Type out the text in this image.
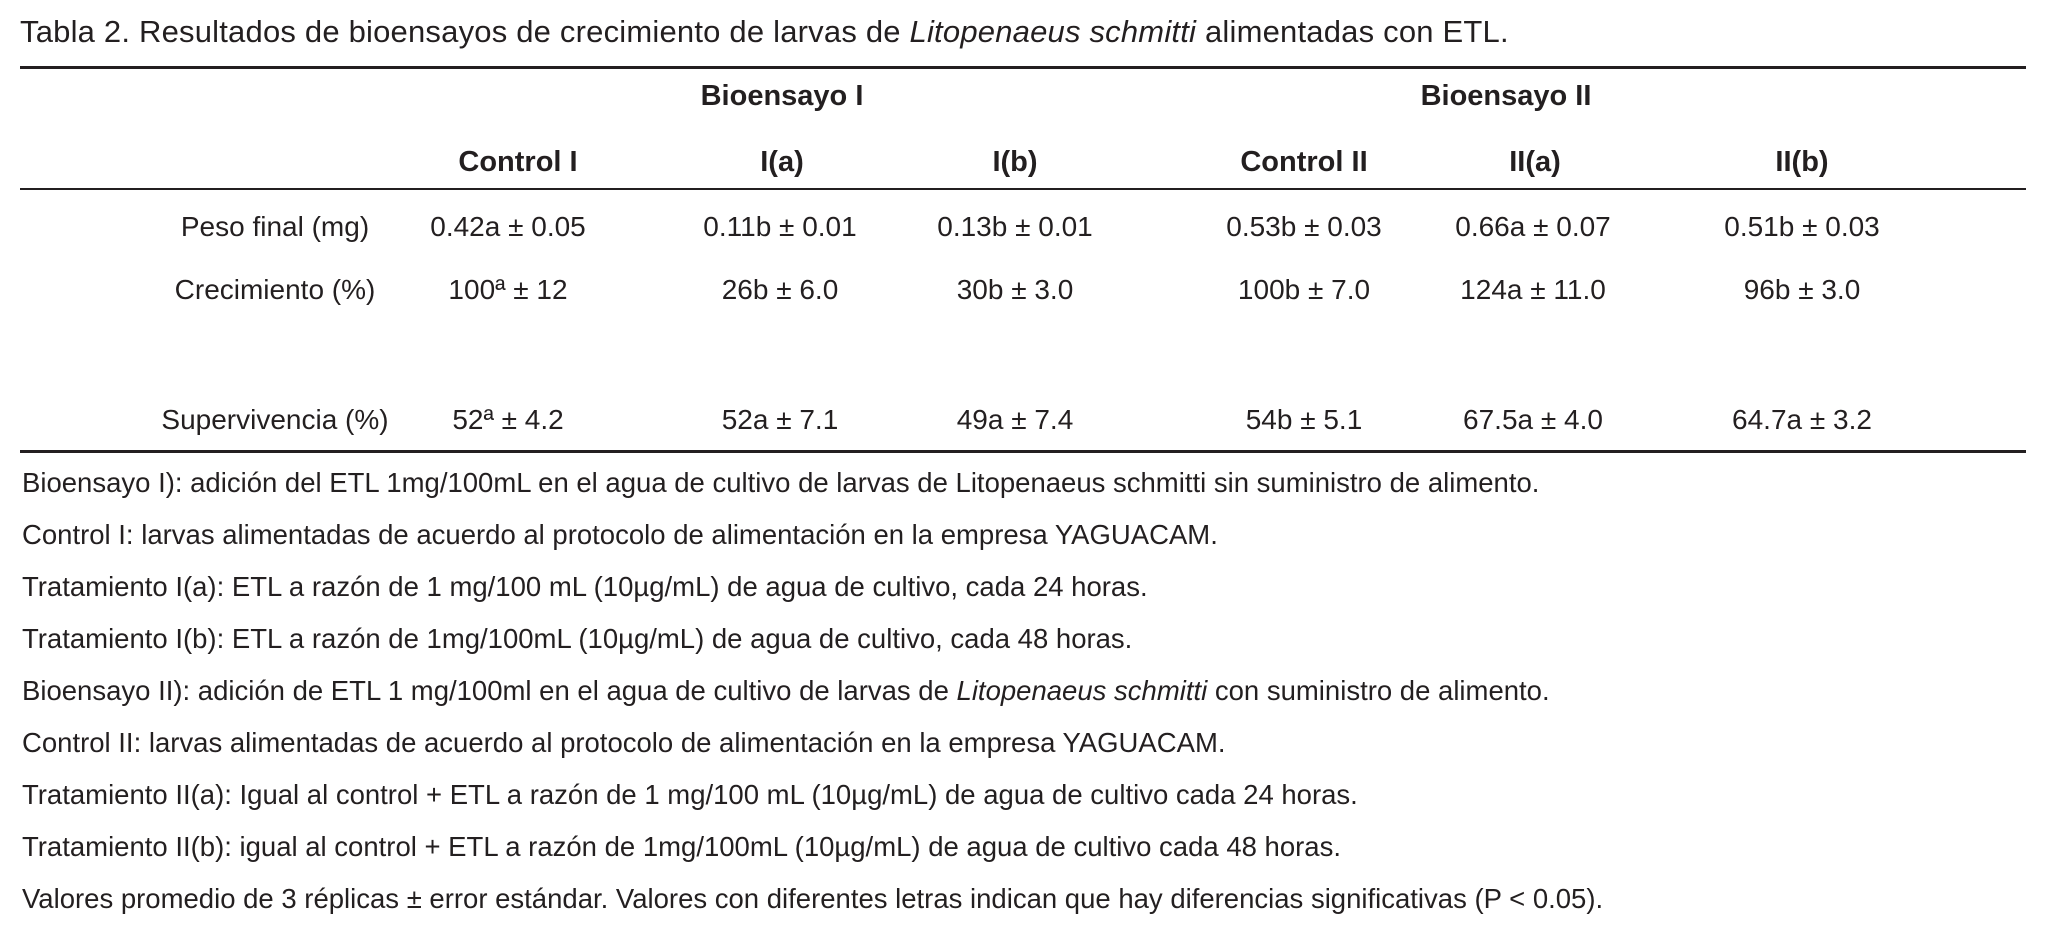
Tabla 2. Resultados de bioensayos de crecimiento de larvas de Litopenaeus schmitti alimentadas con ETL.
Bioensayo I	Bioensayo II
Control I	I(a)	I(b)	Control II	II(a)	II(b)
Peso final (mg) 0.42a ± 0.05	0.11b ± 0.01	0.13b ± 0.01	0.53b ± 0.03	0.66a ± 0.07	0.51b ± 0.03
Crecimiento (%)	100ª ± 12	26b ± 6.0	30b ± 3.0	100b ± 7.0	124a ± 11.0	96b ± 3.0
Supervivencia (%) 52ª ± 4.2	52a ± 7.1	49a ± 7.4	54b ± 5.1	67.5a ± 4.0	64.7a ± 3.2
Bioensayo I): adición del ETL 1mg/100mL en el agua de cultivo de larvas de Litopenaeus schmitti sin suministro de alimento.
Control I: larvas alimentadas de acuerdo al protocolo de alimentación en la empresa YAGUACAM.
Tratamiento I(a): ETL a razón de 1 mg/100 mL (10µg/mL) de agua de cultivo, cada 24 horas.
Tratamiento I(b): ETL a razón de 1mg/100mL (10µg/mL) de agua de cultivo, cada 48 horas.
Bioensayo II): adición de ETL 1 mg/100ml en el agua de cultivo de larvas de Litopenaeus schmitti con suministro de alimento.
Control II: larvas alimentadas de acuerdo al protocolo de alimentación en la empresa YAGUACAM.
Tratamiento II(a): Igual al control + ETL a razón de 1 mg/100 mL (10µg/mL) de agua de cultivo cada 24 horas.
Tratamiento II(b): igual al control + ETL a razón de 1mg/100mL (10µg/mL) de agua de cultivo cada 48 horas.
Valores promedio de 3 réplicas ± error estándar. Valores con diferentes letras indican que hay diferencias significativas (P < 0.05).
